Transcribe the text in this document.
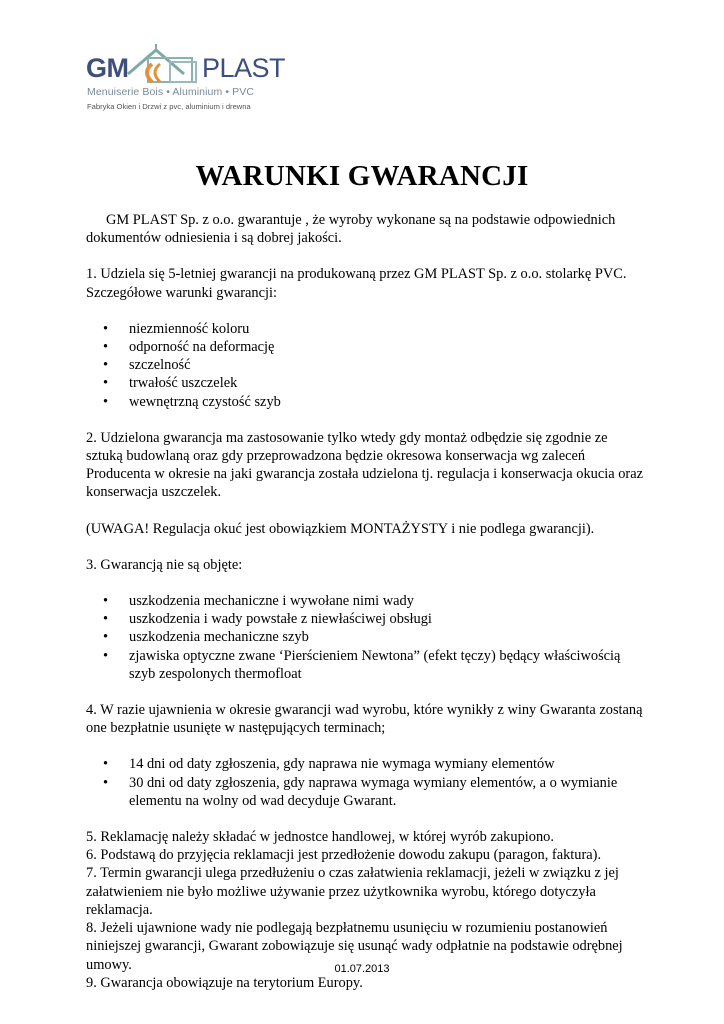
GM	PLAST
Menuiserie Bois • Aluminium • PVC
Fabryka Okien i Drzwi z pvc, aluminium i drewna
WARUNKI GWARANCJI

GM PLAST Sp. z o.o. gwarantuje , że wyroby wykonane są na podstawie odpowiednich dokumentów odniesienia i są dobrej jakości.

1. Udziela się 5-letniej gwarancji na produkowaną przez GM PLAST Sp. z o.o. stolarkę PVC. Szczegółowe warunki gwarancji:

• niezmienność koloru
• odporność na deformację
• szczelność
• trwałość uszczelek
• wewnętrzną czystość szyb

2. Udzielona gwarancja ma zastosowanie tylko wtedy gdy montaż odbędzie się zgodnie ze sztuką budowlaną oraz gdy przeprowadzona będzie okresowa konserwacja wg zaleceń Producenta w okresie na jaki gwarancja została udzielona tj. regulacja i konserwacja okucia oraz konserwacja uszczelek.

(UWAGA! Regulacja okuć jest obowiązkiem MONTAŻYSTY i nie podlega gwarancji).

3. Gwarancją nie są objęte:

• uszkodzenia mechaniczne i wywołane nimi wady
• uszkodzenia i wady powstałe z niewłaściwej obsługi
• uszkodzenia mechaniczne szyb
• zjawiska optyczne zwane ‘Pierścieniem Newtona” (efekt tęczy) będący właściwością szyb zespolonych thermofloat

4. W razie ujawnienia w okresie gwarancji wad wyrobu, które wynikły z winy Gwaranta zostaną one bezpłatnie usunięte w następujących terminach;

• 14 dni od daty zgłoszenia, gdy naprawa nie wymaga wymiany elementów
• 30 dni od daty zgłoszenia, gdy naprawa wymaga wymiany elementów, a o wymianie elementu na wolny od wad decyduje Gwarant.

5. Reklamację należy składać w jednostce handlowej, w której wyrób zakupiono.

6. Podstawą do przyjęcia reklamacji jest przedłożenie dowodu zakupu (paragon, faktura).

7. Termin gwarancji ulega przedłużeniu o czas załatwienia reklamacji, jeżeli w związku z jej załatwieniem nie było możliwe używanie przez użytkownika wyrobu, którego dotyczyła reklamacja.

8. Jeżeli ujawnione wady nie podlegają bezpłatnemu usunięciu w rozumieniu postanowień niniejszej gwarancji, Gwarant zobowiązuje się usunąć wady odpłatnie na podstawie odrębnej umowy.

9. Gwarancja obowiązuje na terytorium Europy.

01.07.2013
